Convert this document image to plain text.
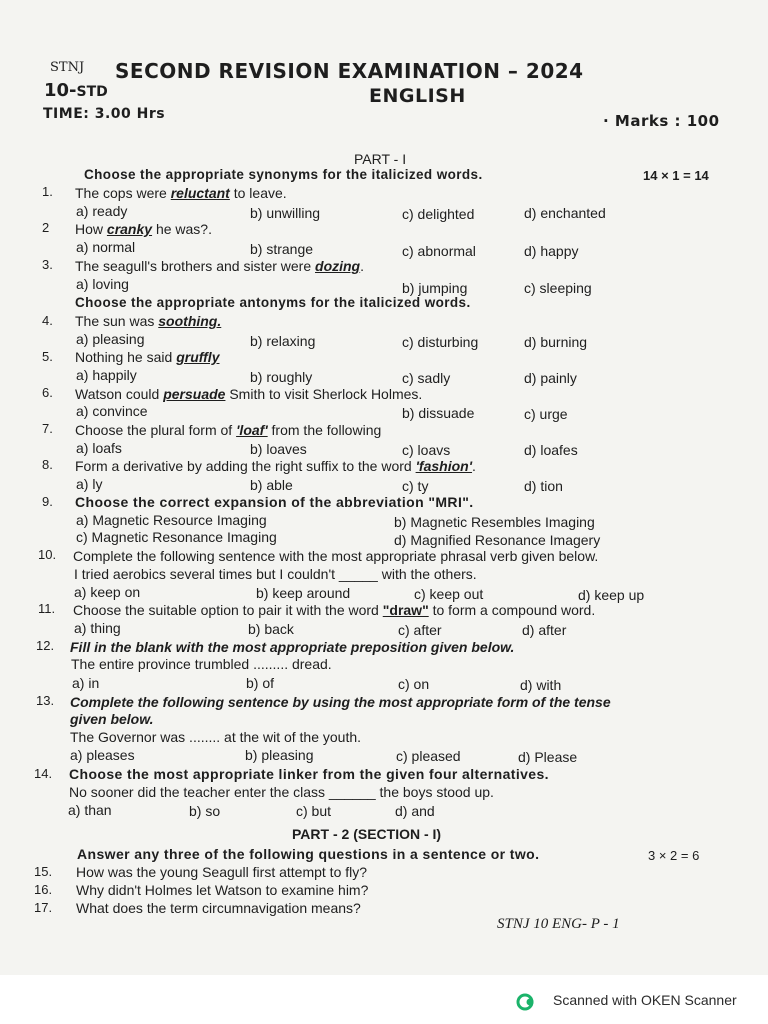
STNJ SECOND REVISION EXAMINATION – 2024
10-STD	ENGLISH
TIME: 3.00 Hrs	· Marks : 100
PART - I
Choose the appropriate synonyms for the italicized words.	14 × 1 = 14
1. The cops were reluctant to leave.
a) ready	b) unwilling	c) delighted	d) enchanted
2 How cranky he was?.
a) normal	b) strange	c) abnormal	d) happy
3. The seagull's brothers and sister were dozing.
a) loving	b) jumping	c) sleeping
Choose the appropriate antonyms for the italicized words.
4. The sun was soothing.
a) pleasing	b) relaxing	c) disturbing	d) burning
5. Nothing he said gruffly
a) happily	b) roughly	c) sadly	d) painly
6. Watson could persuade Smith to visit Sherlock Holmes.
a) convince	b) dissuade	c) urge
7. Choose the plural form of 'loaf' from the following
a) loafs	b) loaves	c) loavs	d) loafes
8. Form a derivative by adding the right suffix to the word 'fashion'.
a) ly	b) able	c) ty	d) tion
9. Choose the correct expansion of the abbreviation "MRI".
a) Magnetic Resource Imaging	b) Magnetic Resembles Imaging
c) Magnetic Resonance Imaging	d) Magnified Resonance Imagery
10. Complete the following sentence with the most appropriate phrasal verb given below.
I tried aerobics several times but I couldn't _____ with the others.
a) keep on	b) keep around	c) keep out	d) keep up
11. Choose the suitable option to pair it with the word "draw" to form a compound word.
a) thing	b) back	c) after	d) after
12. Fill in the blank with the most appropriate preposition given below.
The entire province trumbled ......... dread.
a) in	b) of	c) on	d) with
13. Complete the following sentence by using the most appropriate form of the tense
given below.
The Governor was ........ at the wit of the youth.
a) pleases	b) pleasing	c) pleased	d) Please
14. Choose the most appropriate linker from the given four alternatives.
No sooner did the teacher enter the class ______ the boys stood up.
a) than	b) so	c) but	d) and
PART - 2 (SECTION - I)
Answer any three of the following questions in a sentence or two.	3 × 2 = 6
15. How was the young Seagull first attempt to fly?
16. Why didn't Holmes let Watson to examine him?
17. What does the term circumnavigation means?
STNJ 10 ENG- P - 1
Scanned with OKEN Scanner
